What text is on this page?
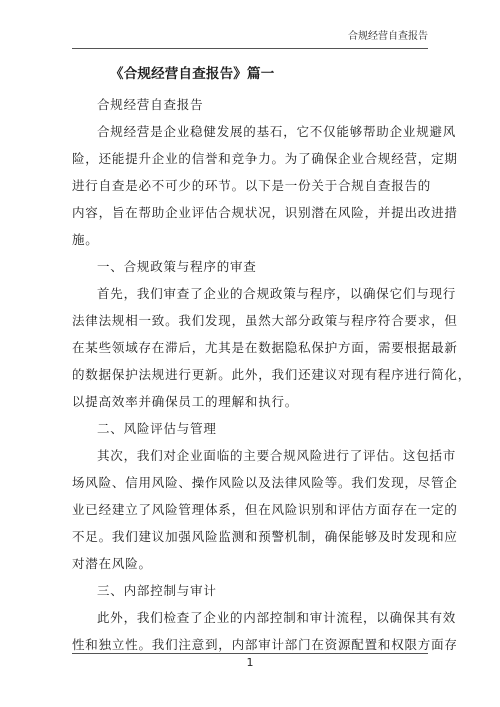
合规经营自查报告
《合规经营自查报告》篇一
合规经营自查报告
合规经营是企业稳健发展的基石，它不仅能够帮助企业规避风
险，还能提升企业的信誉和竞争力。为了确保企业合规经营，定期
进行自查是必不可少的环节。以下是一份关于合规自查报告的
内容，旨在帮助企业评估合规状况，识别潜在风险，并提出改进措
施。
一、合规政策与程序的审查
首先，我们审查了企业的合规政策与程序，以确保它们与现行
法律法规相一致。我们发现，虽然大部分政策与程序符合要求，但
在某些领域存在滞后，尤其是在数据隐私保护方面，需要根据最新
的数据保护法规进行更新。此外，我们还建议对现有程序进行简化，
以提高效率并确保员工的理解和执行。
二、风险评估与管理
其次，我们对企业面临的主要合规风险进行了评估。这包括市
场风险、信用风险、操作风险以及法律风险等。我们发现，尽管企
业已经建立了风险管理体系，但在风险识别和评估方面存在一定的
不足。我们建议加强风险监测和预警机制，确保能够及时发现和应
对潜在风险。
三、内部控制与审计
此外，我们检查了企业的内部控制和审计流程，以确保其有效
性和独立性。我们注意到，内部审计部门在资源配置和权限方面存
1
